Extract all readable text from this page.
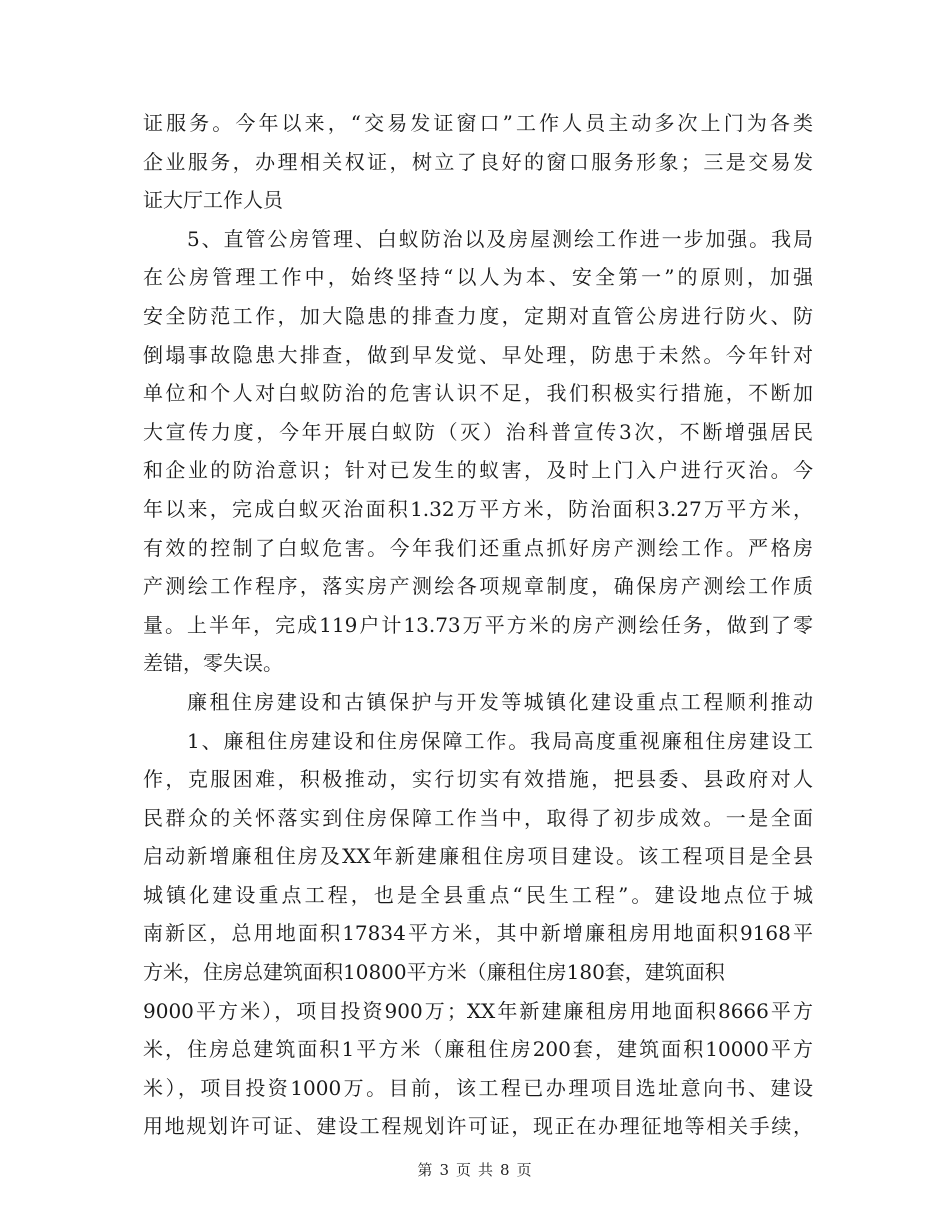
证服务。今年以来，“交易发证窗口”工作人员主动多次上门为各类
企业服务，办理相关权证，树立了良好的窗口服务形象；三是交易发
证大厅工作人员
5、直管公房管理、白蚁防治以及房屋测绘工作进一步加强。我局
在公房管理工作中，始终坚持“以人为本、安全第一”的原则，加强
安全防范工作，加大隐患的排查力度，定期对直管公房进行防火、防
倒塌事故隐患大排查，做到早发觉、早处理，防患于未然。今年针对
单位和个人对白蚁防治的危害认识不足，我们积极实行措施，不断加
大宣传力度，今年开展白蚁防（灭）治科普宣传3次，不断增强居民
和企业的防治意识；针对已发生的蚁害，及时上门入户进行灭治。今
年以来，完成白蚁灭治面积1.32万平方米，防治面积3.27万平方米，
有效的控制了白蚁危害。今年我们还重点抓好房产测绘工作。严格房
产测绘工作程序，落实房产测绘各项规章制度，确保房产测绘工作质
量。上半年，完成119户计13.73万平方米的房产测绘任务，做到了零
差错，零失误。
廉租住房建设和古镇保护与开发等城镇化建设重点工程顺利推动
1、廉租住房建设和住房保障工作。我局高度重视廉租住房建设工
作，克服困难，积极推动，实行切实有效措施，把县委、县政府对人
民群众的关怀落实到住房保障工作当中，取得了初步成效。一是全面
启动新增廉租住房及XX年新建廉租住房项目建设。该工程项目是全县
城镇化建设重点工程，也是全县重点“民生工程”。建设地点位于城
南新区，总用地面积17834平方米，其中新增廉租房用地面积9168平
方米，住房总建筑面积10800平方米（廉租住房180套，建筑面积
9000平方米），项目投资900万；XX年新建廉租房用地面积8666平方
米，住房总建筑面积1平方米（廉租住房200套，建筑面积10000平方
米），项目投资1000万。目前，该工程已办理项目选址意向书、建设
用地规划许可证、建设工程规划许可证，现正在办理征地等相关手续，
第 3 页 共 8 页
